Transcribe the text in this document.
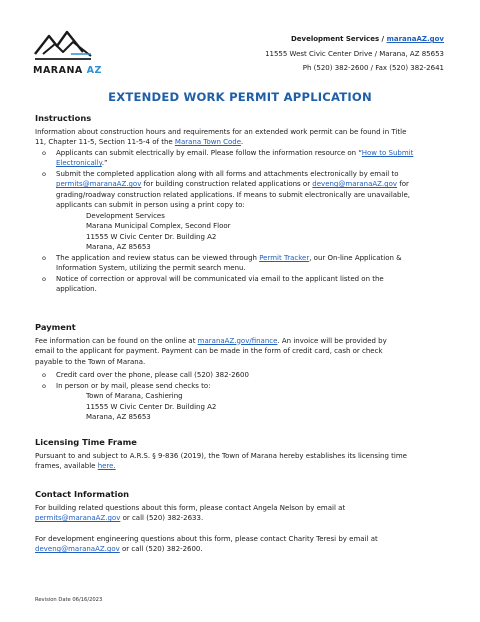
MARANA AZ
Development Services / maranaAZ.gov
11555 West Civic Center Drive / Marana, AZ 85653
Ph (520) 382-2600 / Fax (520) 382-2641
EXTENDED WORK PERMIT APPLICATION
Instructions
Information about construction hours and requirements for an extended work permit can be found in Title
11, Chapter 11-5, Section 11-5-4 of the Marana Town Code.
o Applicants can submit electrically by email. Please follow the information resource on “How to Submit
Electronically.”
o Submit the completed application along with all forms and attachments electronically by email to
permits@maranaAZ.gov for building construction related applications or deveng@maranaAZ.gov for
grading/roadway construction related applications. If means to submit electronically are unavailable,
applicants can submit in person using a print copy to:
Development Services
Marana Municipal Complex, Second Floor
11555 W Civic Center Dr. Building A2
Marana, AZ 85653
o The application and review status can be viewed through Permit Tracker, our On-line Application &
Information System, utilizing the permit search menu.
o Notice of correction or approval will be communicated via email to the applicant listed on the
application.
Payment
Fee information can be found on the online at maranaAZ.gov/finance. An invoice will be provided by
email to the applicant for payment. Payment can be made in the form of credit card, cash or check
payable to the Town of Marana.
o Credit card over the phone, please call (520) 382-2600
o In person or by mail, please send checks to:
Town of Marana, Cashiering
11555 W Civic Center Dr. Building A2
Marana, AZ 85653
Licensing Time Frame
Pursuant to and subject to A.R.S. § 9-836 (2019), the Town of Marana hereby establishes its licensing time
frames, available here.
Contact Information
For building related questions about this form, please contact Angela Nelson by email at
permits@maranaAZ.gov or call (520) 382-2633.
For development engineering questions about this form, please contact Charity Teresi by email at
deveng@maranaAZ.gov or call (520) 382-2600.
Revision Date 06/16/2023
